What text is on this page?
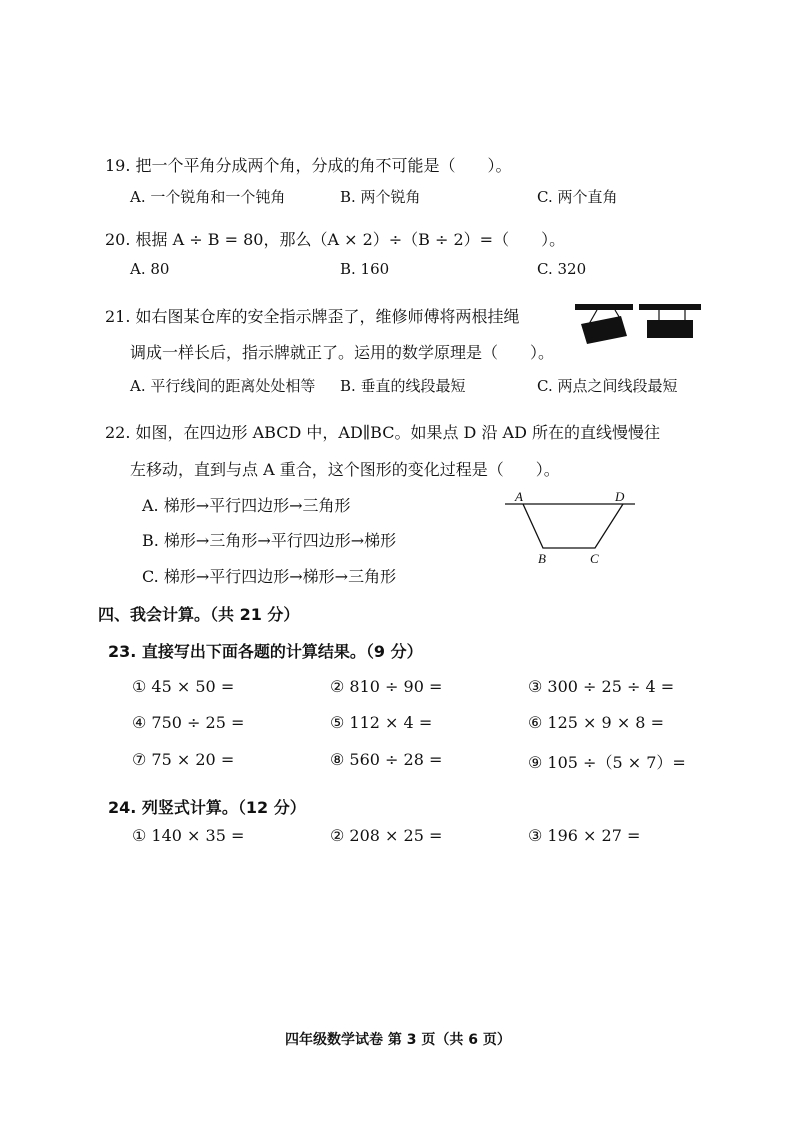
19. 把一个平角分成两个角，分成的角不可能是（　　）。
A. 一个锐角和一个钝角	B. 两个锐角	C. 两个直角
20. 根据 A ÷ B = 80，那么（A × 2）÷（B ÷ 2）=（　　）。
A. 80	B. 160	C. 320
21. 如右图某仓库的安全指示牌歪了，维修师傅将两根挂绳
调成一样长后，指示牌就正了。运用的数学原理是（　　）。
A. 平行线间的距离处处相等 B. 垂直的线段最短	C. 两点之间线段最短
22. 如图，在四边形 ABCD 中，AD∥BC。如果点 D 沿 AD 所在的直线慢慢往
左移动，直到与点 A 重合，这个图形的变化过程是（　　）。
A. 梯形→平行四边形→三角形
B. 梯形→三角形→平行四边形→梯形
C. 梯形→平行四边形→梯形→三角形
A	D
B	C
四、我会计算。（共 21 分）
23. 直接写出下面各题的计算结果。（9 分）
① 45 × 50 =	② 810 ÷ 90 =	③ 300 ÷ 25 ÷ 4 =
④ 750 ÷ 25 =	⑤ 112 × 4 =	⑥ 125 × 9 × 8 =
⑦ 75 × 20 =	⑧ 560 ÷ 28 =	⑨ 105 ÷（5 × 7）=
24. 列竖式计算。（12 分）
① 140 × 35 =	② 208 × 25 =	③ 196 × 27 =
四年级数学试卷 第 3 页（共 6 页）
